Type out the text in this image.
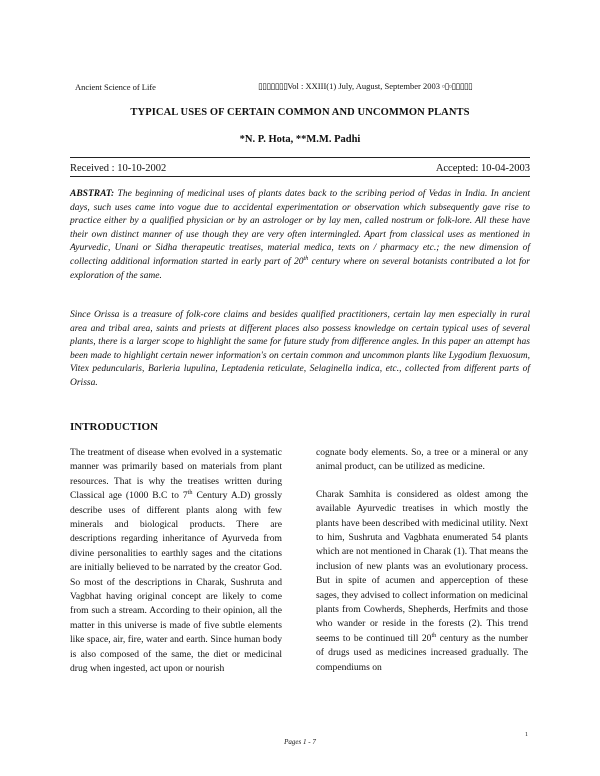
Ancient Science of Life	▯▯▯▯▯▯▯Vol : XXIII(1) July, August, September 2003 ▫▯▫▯▯▯▯▯
TYPICAL USES OF CERTAIN COMMON AND UNCOMMON PLANTS
*N. P. Hota, **M.M. Padhi
Received : 10-10-2002	Accepted: 10-04-2003

ABSTRAT: The beginning of medicinal uses of plants dates back to the scribing period of Vedas in India. In ancient days, such uses came into vogue due to accidental experimentation or observation which subsequently gave rise to practice either by a qualified physician or by an astrologer or by lay men, called nostrum or folk-lore. All these have their own distinct manner of use though they are very often intermingled. Apart from classical uses as mentioned in Ayurvedic, Unani or Sidha therapeutic treatises, material medica, texts on / pharmacy etc.; the new dimension of collecting additional information started in early part of 20th century where on several botanists contributed a lot for exploration of the same.

Since Orissa is a treasure of folk-core claims and besides qualified practitioners, certain lay men especially in rural area and tribal area, saints and priests at different places also possess knowledge on certain typical uses of several plants, there is a larger scope to highlight the same for future study from difference angles. In this paper an attempt has been made to highlight certain newer information's on certain common and uncommon plants like Lygodium flexuosum, Vitex peduncularis, Barleria lupulina, Leptadenia reticulate, Selaginella indica, etc., collected from different parts of Orissa.

INTRODUCTION

The treatment of disease when evolved in a systematic manner was primarily based on materials from plant resources. That is why the treatises written during Classical age (1000 B.C to 7th Century A.D) grossly describe uses of different plants along with few minerals and biological products. There are descriptions regarding inheritance of Ayurveda from divine personalities to earthly sages and the citations are initially believed to be narrated by the creator God. So most of the descriptions in Charak, Sushruta and Vagbhat having original concept are likely to come from such a stream. According to their opinion, all the matter in this universe is made of five subtle elements like space, air, fire, water and earth. Since human body is also composed of the same, the diet or medicinal drug when ingested, act upon or nourish

cognate body elements. So, a tree or a mineral or any animal product, can be utilized as medicine.

Charak Samhita is considered as oldest among the available Ayurvedic treatises in which mostly the plants have been described with medicinal utility. Next to him, Sushruta and Vagbhata enumerated 54 plants which are not mentioned in Charak (1). That means the inclusion of new plants was an evolutionary process. But in spite of acumen and apperception of these sages, they advised to collect information on medicinal plants from Cowherds, Shepherds, Herfmits and those who wander or reside in the forests (2). This trend seems to be continued till 20th century as the number of drugs used as medicines increased gradually. The compendiums on

1
Pages 1 - 7
